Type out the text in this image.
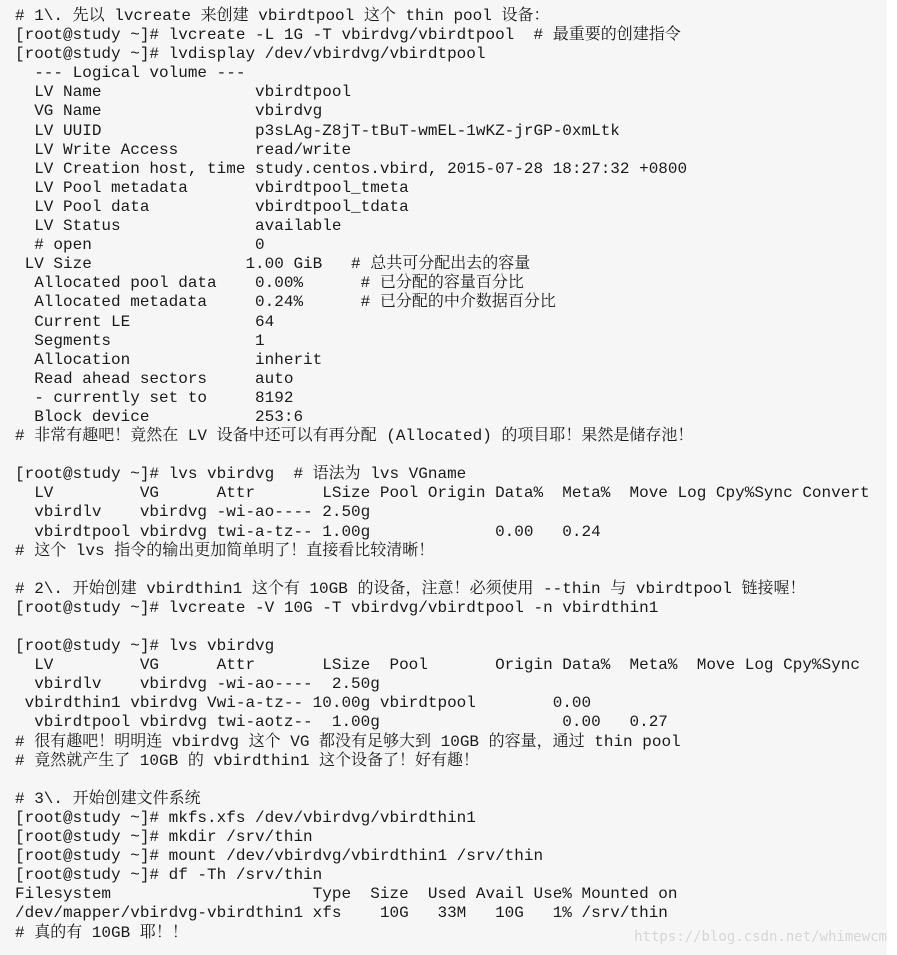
# 1\. 先以 lvcreate 来创建 vbirdtpool 这个 thin pool 设备：
[root@study ~]# lvcreate -L 1G -T vbirdvg/vbirdtpool  # 最重要的创建指令
[root@study ~]# lvdisplay /dev/vbirdvg/vbirdtpool
--- Logical volume ---
LV Name                vbirdtpool
VG Name                vbirdvg
LV UUID                p3sLAg-Z8jT-tBuT-wmEL-1wKZ-jrGP-0xmLtk
LV Write Access        read/write
LV Creation host, time study.centos.vbird, 2015-07-28 18:27:32 +0800
LV Pool metadata       vbirdtpool_tmeta
LV Pool data           vbirdtpool_tdata
LV Status              available
# open                 0
LV Size                1.00 GiB   # 总共可分配出去的容量
Allocated pool data    0.00%      # 已分配的容量百分比
Allocated metadata     0.24%      # 已分配的中介数据百分比
Current LE             64
Segments               1
Allocation             inherit
Read ahead sectors     auto
- currently set to     8192
Block device           253:6
# 非常有趣吧！竟然在 LV 设备中还可以有再分配 (Allocated) 的项目耶！果然是储存池！
[root@study ~]# lvs vbirdvg  # 语法为 lvs VGname
LV         VG      Attr       LSize Pool Origin Data%  Meta%  Move Log Cpy%Sync Convert
vbirdlv    vbirdvg -wi-ao---- 2.50g
vbirdtpool vbirdvg twi-a-tz-- 1.00g             0.00   0.24
# 这个 lvs 指令的输出更加简单明了！直接看比较清晰！
# 2\. 开始创建 vbirdthin1 这个有 10GB 的设备，注意！必须使用 --thin 与 vbirdtpool 链接喔！
[root@study ~]# lvcreate -V 10G -T vbirdvg/vbirdtpool -n vbirdthin1
[root@study ~]# lvs vbirdvg
LV         VG      Attr       LSize  Pool       Origin Data%  Meta%  Move Log Cpy%Sync
vbirdlv    vbirdvg -wi-ao----  2.50g
vbirdthin1 vbirdvg Vwi-a-tz-- 10.00g vbirdtpool        0.00
vbirdtpool vbirdvg twi-aotz--  1.00g                   0.00   0.27
# 很有趣吧！明明连 vbirdvg 这个 VG 都没有足够大到 10GB 的容量，通过 thin pool
# 竟然就产生了 10GB 的 vbirdthin1 这个设备了！好有趣！
# 3\. 开始创建文件系统
[root@study ~]# mkfs.xfs /dev/vbirdvg/vbirdthin1
[root@study ~]# mkdir /srv/thin
[root@study ~]# mount /dev/vbirdvg/vbirdthin1 /srv/thin
[root@study ~]# df -Th /srv/thin
Filesystem                     Type  Size  Used Avail Use% Mounted on
/dev/mapper/vbirdvg-vbirdthin1 xfs    10G   33M   10G   1% /srv/thin
# 真的有 10GB 耶！！	https://blog.csdn.net/whimewcm
